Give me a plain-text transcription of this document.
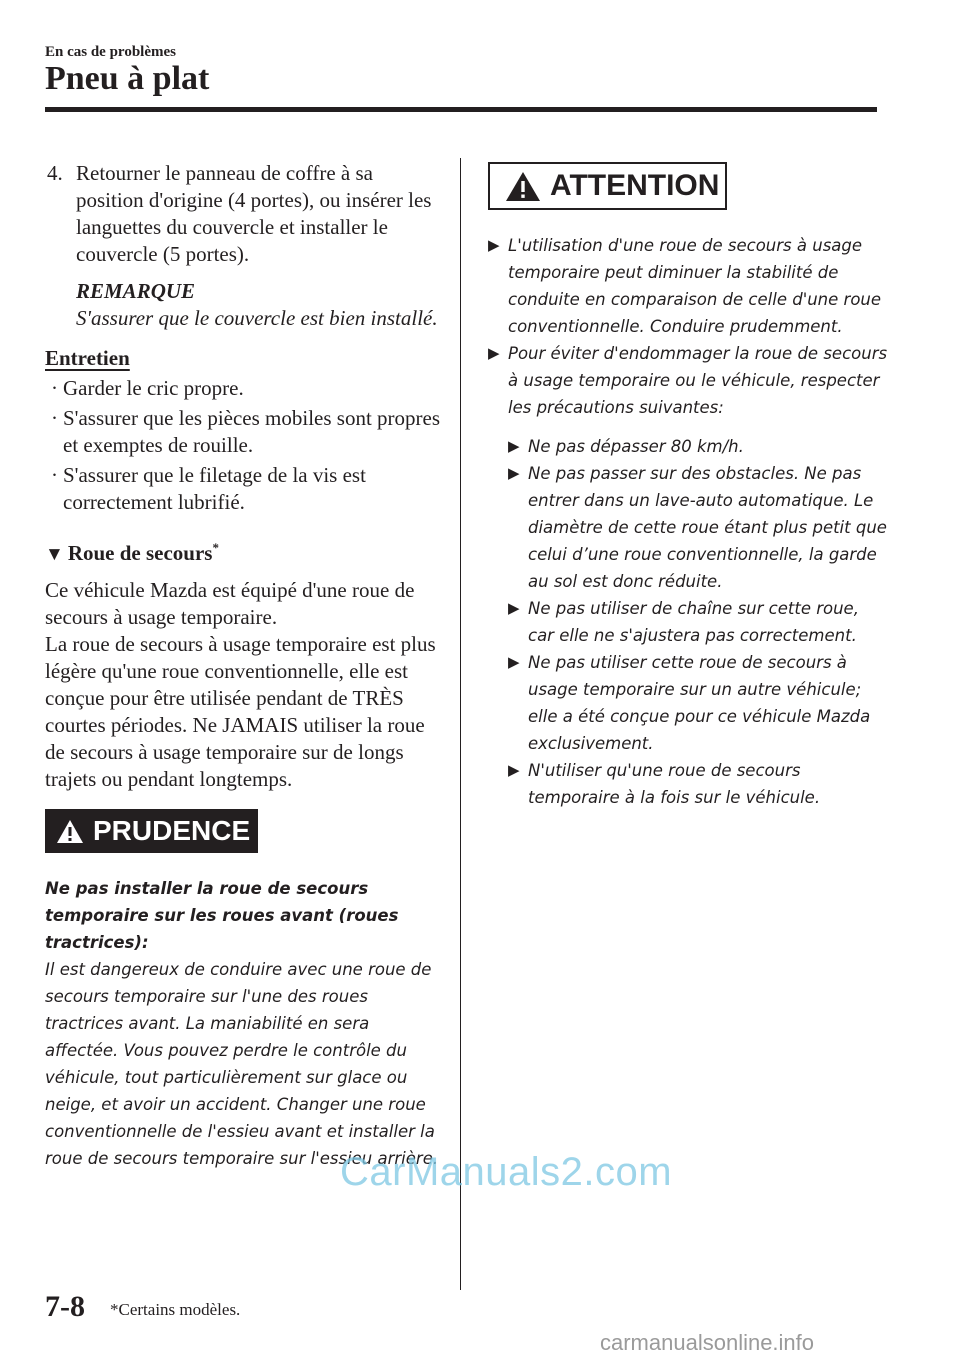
En cas de problèmes
Pneu à plat
4. Retourner le panneau de coffre à sa position d'origine (4 portes), ou insérer les languettes du couvercle et installer le couvercle (5 portes).
REMARQUE
S'assurer que le couvercle est bien installé.
Entretien
· Garder le cric propre.
· S'assurer que les pièces mobiles sont propres et exemptes de rouille.
· S'assurer que le filetage de la vis est correctement lubrifié.
▼ Roue de secours*
Ce véhicule Mazda est équipé d'une roue de secours à usage temporaire.
La roue de secours à usage temporaire est plus légère qu'une roue conventionnelle, elle est conçue pour être utilisée pendant de TRÈS courtes périodes. Ne JAMAIS utiliser la roue de secours à usage temporaire sur de longs trajets ou pendant longtemps.
PRUDENCE
Ne pas installer la roue de secours temporaire sur les roues avant (roues tractrices):
Il est dangereux de conduire avec une roue de secours temporaire sur l'une des roues tractrices avant. La maniabilité en sera affectée. Vous pouvez perdre le contrôle du véhicule, tout particulièrement sur glace ou neige, et avoir un accident. Changer une roue conventionnelle de l'essieu avant et installer la roue de secours temporaire sur l'essieu arrière.
ATTENTION
▶ L'utilisation d'une roue de secours à usage temporaire peut diminuer la stabilité de conduite en comparaison de celle d'une roue conventionnelle. Conduire prudemment.
▶ Pour éviter d'endommager la roue de secours à usage temporaire ou le véhicule, respecter les précautions suivantes:
▶ Ne pas dépasser 80 km/h.
▶ Ne pas passer sur des obstacles. Ne pas entrer dans un lave-auto automatique. Le diamètre de cette roue étant plus petit que celui d’une roue conventionnelle, la garde au sol est donc réduite.
▶ Ne pas utiliser de chaîne sur cette roue, car elle ne s'ajustera pas correctement.
▶ Ne pas utiliser cette roue de secours à usage temporaire sur un autre véhicule; elle a été conçue pour ce véhicule Mazda exclusivement.
▶ N'utiliser qu'une roue de secours temporaire à la fois sur le véhicule.
7-8 *Certains modèles.
CarManuals2.com
carmanualsonline.info
